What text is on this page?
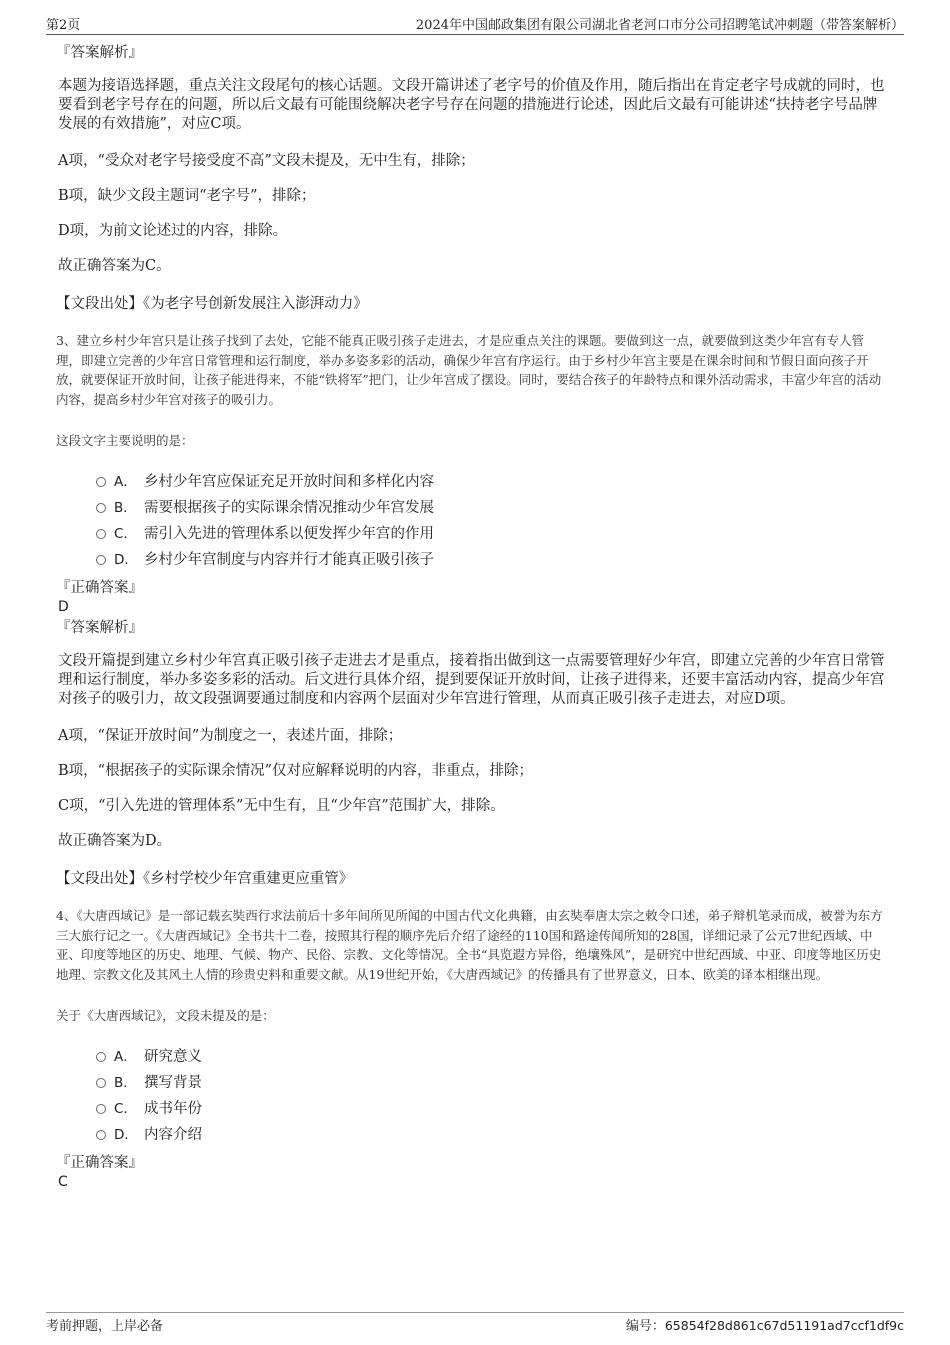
第2页	2024年中国邮政集团有限公司湖北省老河口市分公司招聘笔试冲刺题（带答案解析）

『答案解析』

本题为接语选择题，重点关注文段尾句的核心话题。文段开篇讲述了老字号的价值及作用，随后指出在肯定老字号成就的同时，也要看到老字号存在的问题，所以后文最有可能围绕解决老字号存在问题的措施进行论述，因此后文最有可能讲述“扶持老字号品牌发展的有效措施”，对应C项。

A项，“受众对老字号接受度不高”文段未提及，无中生有，排除；

B项，缺少文段主题词“老字号”，排除；

D项，为前文论述过的内容，排除。

故正确答案为C。

【文段出处】《为老字号创新发展注入澎湃动力》

3、建立乡村少年宫只是让孩子找到了去处，它能不能真正吸引孩子走进去，才是应重点关注的课题。要做到这一点，就要做到这类少年宫有专人管理，即建立完善的少年宫日常管理和运行制度，举办多姿多彩的活动，确保少年宫有序运行。由于乡村少年宫主要是在课余时间和节假日面向孩子开放，就要保证开放时间，让孩子能进得来，不能“铁将军”把门，让少年宫成了摆设。同时，要结合孩子的年龄特点和课外活动需求，丰富少年宫的活动内容，提高乡村少年宫对孩子的吸引力。

这段文字主要说明的是：

A． 乡村少年宫应保证充足开放时间和多样化内容
B． 需要根据孩子的实际课余情况推动少年宫发展
C． 需引入先进的管理体系以便发挥少年宫的作用
D． 乡村少年宫制度与内容并行才能真正吸引孩子

『正确答案』

D

『答案解析』

文段开篇提到建立乡村少年宫真正吸引孩子走进去才是重点，接着指出做到这一点需要管理好少年宫，即建立完善的少年宫日常管理和运行制度，举办多姿多彩的活动。后文进行具体介绍，提到要保证开放时间，让孩子进得来，还要丰富活动内容，提高少年宫对孩子的吸引力，故文段强调要通过制度和内容两个层面对少年宫进行管理，从而真正吸引孩子走进去，对应D项。

A项，“保证开放时间”为制度之一，表述片面，排除；

B项，“根据孩子的实际课余情况”仅对应解释说明的内容，非重点，排除；

C项，“引入先进的管理体系”无中生有，且“少年宫”范围扩大，排除。

故正确答案为D。

【文段出处】《乡村学校少年宫重建更应重管》

4、《大唐西域记》是一部记载玄奘西行求法前后十多年间所见所闻的中国古代文化典籍，由玄奘奉唐太宗之敕令口述，弟子辩机笔录而成，被誉为东方三大旅行记之一。《大唐西域记》全书共十二卷，按照其行程的顺序先后介绍了途经的110国和路途传闻所知的28国，详细记录了公元7世纪西域、中亚、印度等地区的历史、地理、气候、物产、民俗、宗教、文化等情况。全书“具览遐方异俗，绝壤殊风”，是研究中世纪西域、中亚、印度等地区历史地理、宗教文化及其风土人情的珍贵史料和重要文献。从19世纪开始，《大唐西域记》的传播具有了世界意义，日本、欧美的译本相继出现。

关于《大唐西域记》，文段未提及的是：

A． 研究意义
B． 撰写背景
C． 成书年份
D． 内容介绍

『正确答案』

C

考前押题，上岸必备	编号：65854f28d861c67d51191ad7ccf1df9c
